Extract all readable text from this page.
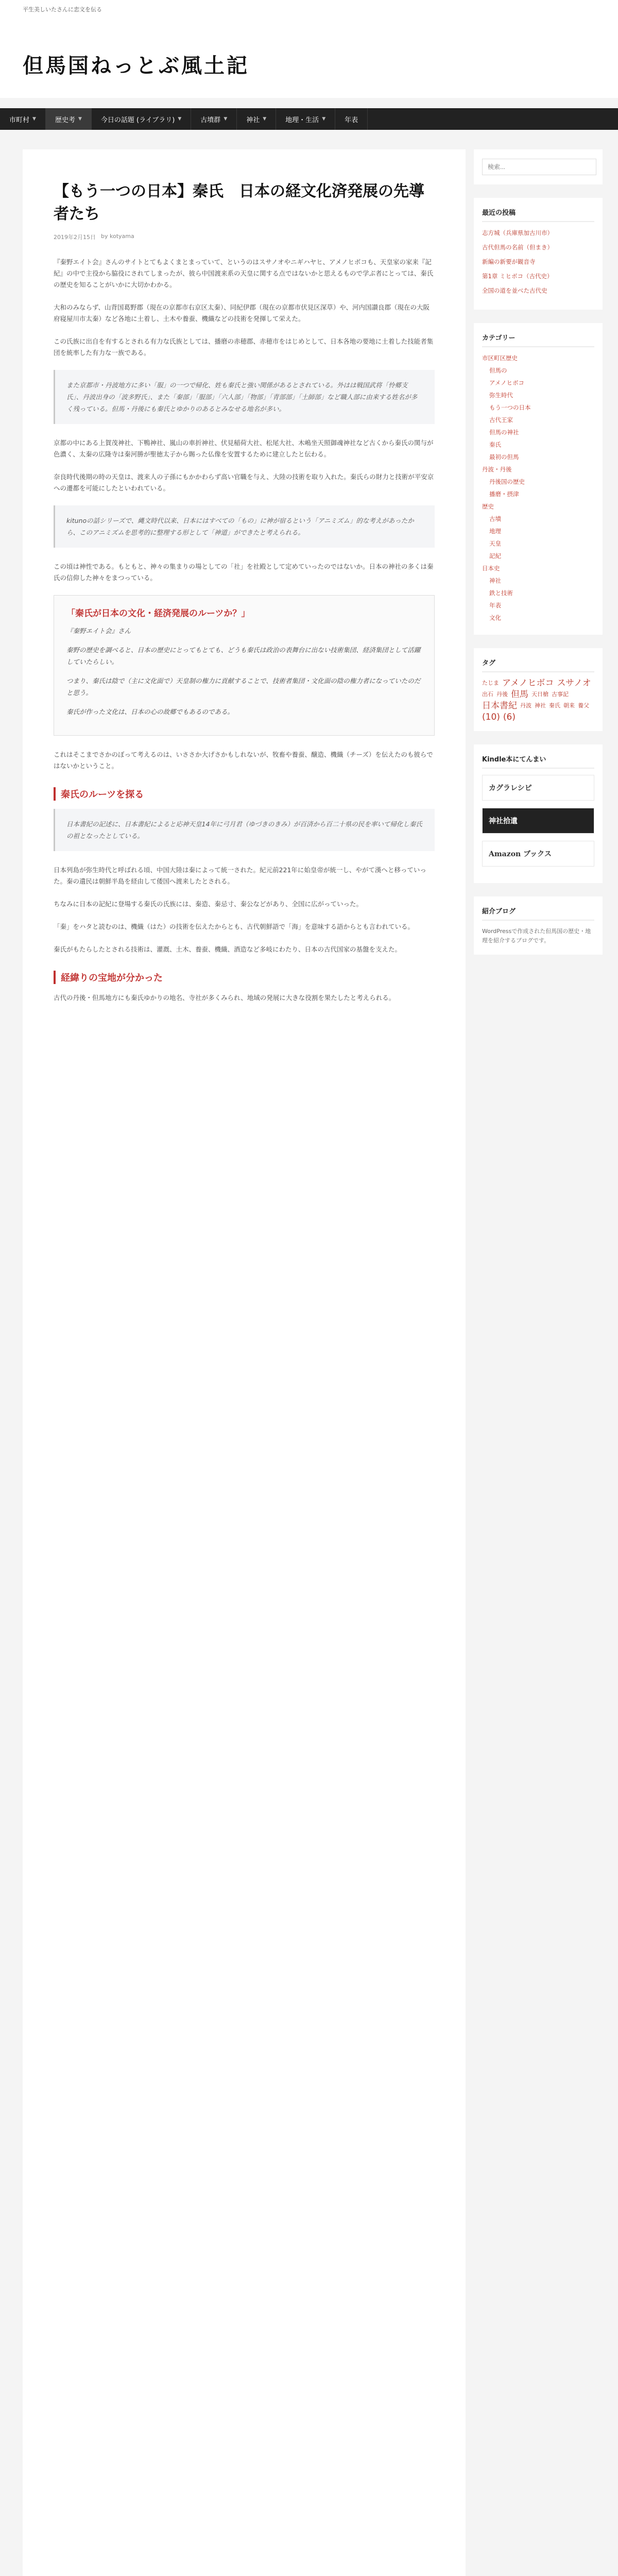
平生美しいたさんに恋文を伝る
但馬国ねっとぶ風土記
市町村 ▼	歴史考 ▼	今日の話題 (ライブラリ) ▼	古墳群 ▼	神社 ▼	地理・生活 ▼	年表
【もう一つの日本】秦氏　日本の経文化済発展の先導者たち
2019年2月15日 by kotyama

『秦野エイト会』さんのサイトとてもよくまとまっていて、というのはスサノオやニギハヤヒ、アメノヒボコも、天皇家の家来『記紀』の中で主役から脇役にされてしまったが、彼ら中国渡来系の天皇に関する点ではないかと思えるもので学ぶ者にとっては、秦氏の歴史を知ることがいかに大切かわかる。

大和のみならず、山背国葛野郡（現在の京都市右京区太秦）、同紀伊郡（現在の京都市伏見区深草）や、河内国讃良郡（現在の大阪府寝屋川市太秦）など各地に土着し、土木や養蚕、機織などの技術を発揮して栄えた。

この氏族に出自を有するとされる有力な氏族としては、播磨の赤穂郡、赤穂市をはじめとして、日本各地の要地に土着した技能者集団を統率した有力な一族である。

また京都市・丹波地方に多い「服」の一つで帰化、姓も秦氏と強い関係があるとされている。外はは戦国武将「怜郷支氏」、丹波出身の「波多野氏」、また「秦部」「服部」「六人部」「物部」「青部部」「土師部」など職人部に由来する姓名が多く残っている。但馬・丹後にも秦氏とゆかりのあるとみなせる地名が多い。

京都の中にある上賀茂神社、下鴨神社、嵐山の車折神社、伏見稲荷大社、松尾大社、木嶋坐天照御魂神社など古くから秦氏の関与が色濃く、太秦の広隆寺は秦河勝が聖徳太子から賜った仏像を安置するために建立したと伝わる。

奈良時代後期の時の天皇は、渡来人の子孫にもかかわらず高い官職を与え、大陸の技術を取り入れた。秦氏らの財力と技術が平安京への遷都を可能にしたといわれている。

kitunoの話シリーズで、縄文時代以来、日本にはすべての「もの」に神が宿るという「アニミズム」的な考えがあったから、このアニミズムを思考的に整理する形として「神道」ができたと考えられる。

この頃は神性である。もともと、神々の集まりの場としての「社」を社殿として定めていったのではないか。日本の神社の多くは秦氏の信仰した神々をまつっている。

「秦氏が日本の文化・経済発展のルーツか？」

『秦野エイト会』さん

秦野の歴史を調べると、日本の歴史にとってもとても、どうも秦氏は政治の表舞台に出ない技術集団、経済集団として活躍していたらしい。

つまり、秦氏は陰で（主に文化面で）天皇制の権力に貢献することで、技術者集団・文化面の陰の権力者になっていたのだと思う。

秦氏が作った文化は、日本の心の故郷でもあるのである。

これはそこまでさかのぼって考えるのは、いささか大げさかもしれないが、牧畜や養蚕、醸造、機織（チーズ）を伝えたのも彼らではないかということ。

秦氏のルーツを探る
日本書紀の記述に、日本書紀によると応神天皇14年に弓月君（ゆづきのきみ）が百済から百二十県の民を率いて帰化し秦氏の祖となったとしている。

日本列島が弥生時代と呼ばれる頃、中国大陸は秦によって統一された。紀元前221年に始皇帝が統一し、やがて漢へと移っていった。秦の遺民は朝鮮半島を経由して倭国へ渡来したとされる。

ちなみに日本の記紀に登場する秦氏の氏族には、秦造、秦忌寸、秦公などがあり、全国に広がっていった。

「秦」をハタと読むのは、機織（はた）の技術を伝えたからとも、古代朝鮮語で「海」を意味する語からとも言われている。

秦氏がもたらしたとされる技術は、灌漑、土木、養蚕、機織、酒造など多岐にわたり、日本の古代国家の基盤を支えた。

経緯りの宝地が分かった

古代の丹後・但馬地方にも秦氏ゆかりの地名、寺社が多くみられ、地域の発展に大きな役割を果たしたと考えられる。

検索...
最近の投稿
志方城（兵庫県加古川市）
古代但馬の名前（但まき）
新編の新要が観音寺
第1章 ミヒボコ（古代史）
全国の道を並べた古代史
カテゴリー
市区町区歴史
但馬の
アメノヒボコ
弥生時代
もう一つの日本
古代王家
但馬の神社
秦氏
最初の但馬
丹波・丹後
丹後国の歴史
播磨・摂津
歴史
古墳
地理
天皇
記紀
日本史
神社
鉄と技術
年表
文化
タグ
たじま アメノヒボコ スサノオ
出石 丹後 但馬 天日槍 古事記
日本書紀 丹波 神社 秦氏 朝来 養父
(10) (6)
Kindle本にてんまい
カグラレシピ
神社拾遺
Amazon ブックス
紹介ブログ
WordPressで作成された但馬国の歴史・地理を紹介するブログです。
